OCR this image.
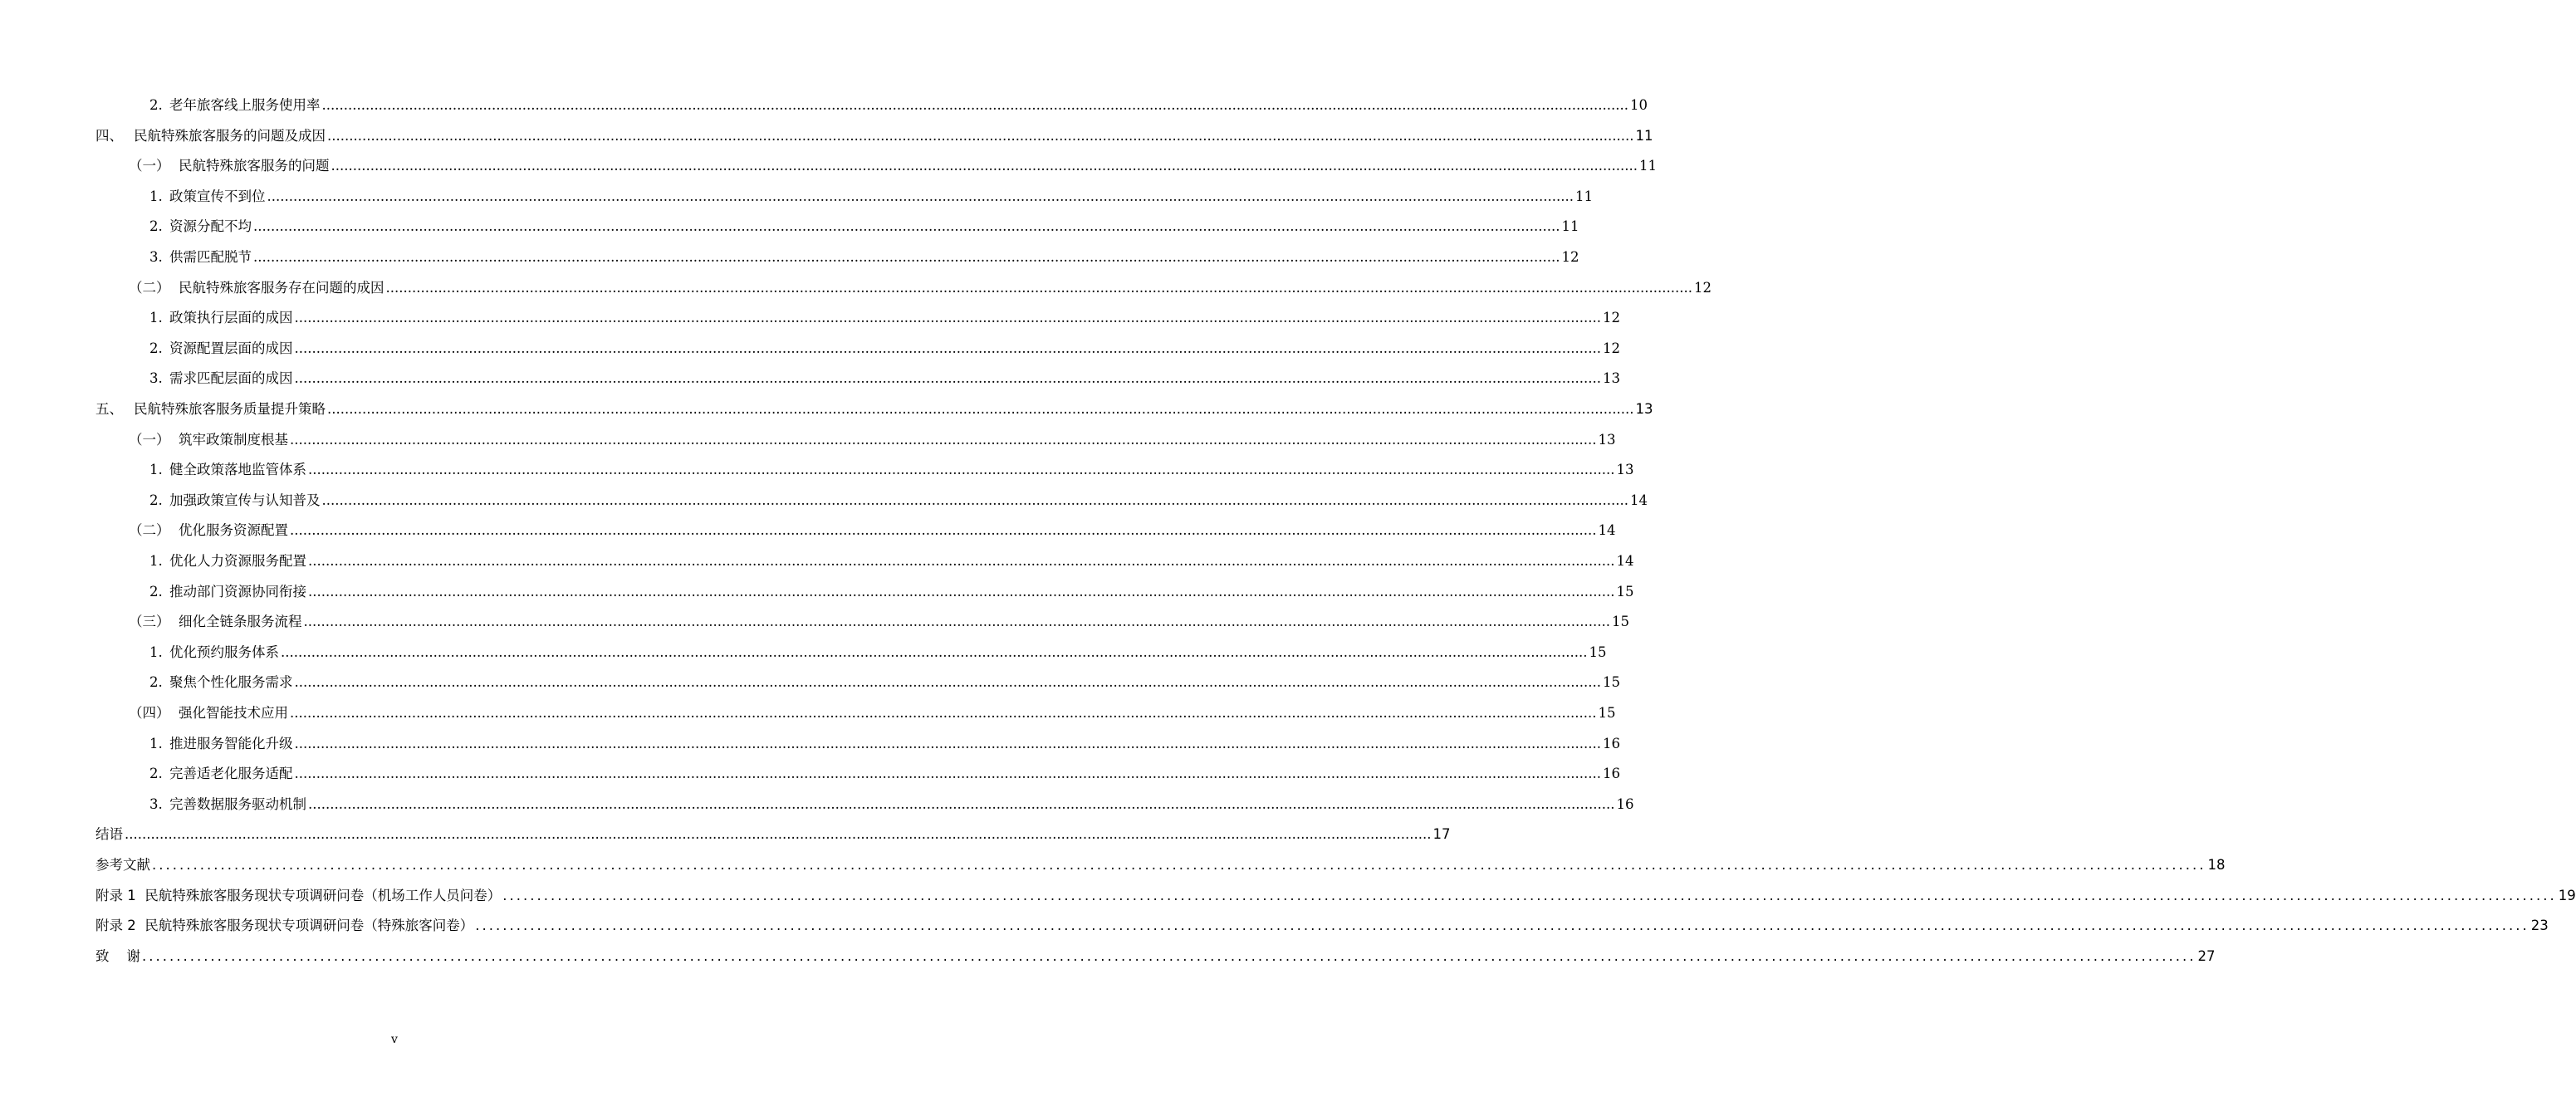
2. 老年旅客线上服务使用率 ............................................................................................................................................................................................................................................................................................................ 10
四、 民航特殊旅客服务的问题及成因 ............................................................................................................................................................................................................................................................................................................ 11
（一） 民航特殊旅客服务的问题 ............................................................................................................................................................................................................................................................................................................ 11
1. 政策宣传不到位 ............................................................................................................................................................................................................................................................................................................ 11
2. 资源分配不均 ............................................................................................................................................................................................................................................................................................................ 11
3. 供需匹配脱节 ............................................................................................................................................................................................................................................................................................................ 12
（二） 民航特殊旅客服务存在问题的成因 ............................................................................................................................................................................................................................................................................................................ 12
1. 政策执行层面的成因 ............................................................................................................................................................................................................................................................................................................ 12
2. 资源配置层面的成因 ............................................................................................................................................................................................................................................................................................................ 12
3. 需求匹配层面的成因 ............................................................................................................................................................................................................................................................................................................ 13
五、 民航特殊旅客服务质量提升策略 ............................................................................................................................................................................................................................................................................................................ 13
（一） 筑牢政策制度根基 ............................................................................................................................................................................................................................................................................................................ 13
1. 健全政策落地监管体系 ............................................................................................................................................................................................................................................................................................................ 13
2. 加强政策宣传与认知普及 ............................................................................................................................................................................................................................................................................................................ 14
（二） 优化服务资源配置 ............................................................................................................................................................................................................................................................................................................ 14
1. 优化人力资源服务配置 ............................................................................................................................................................................................................................................................................................................ 14
2. 推动部门资源协同衔接 ............................................................................................................................................................................................................................................................................................................ 15
（三） 细化全链条服务流程 ............................................................................................................................................................................................................................................................................................................ 15
1. 优化预约服务体系 ............................................................................................................................................................................................................................................................................................................ 15
2. 聚焦个性化服务需求 ............................................................................................................................................................................................................................................................................................................ 15
（四） 强化智能技术应用 ............................................................................................................................................................................................................................................................................................................ 15
1. 推进服务智能化升级 ............................................................................................................................................................................................................................................................................................................ 16
2. 完善适老化服务适配 ............................................................................................................................................................................................................................................................................................................ 16
3. 完善数据服务驱动机制 ............................................................................................................................................................................................................................................................................................................ 16
结语 ............................................................................................................................................................................................................................................................................................................ 17
参考文献 ............................................................................................................................................................................................................................................................................................................ 18
附录 1  民航特殊旅客服务现状专项调研问卷（机场工作人员问卷） ............................................................................................................................................................................................................................................................................................................ 19
附录 2  民航特殊旅客服务现状专项调研问卷（特殊旅客问卷） ............................................................................................................................................................................................................................................................................................................ 23
致    谢 ............................................................................................................................................................................................................................................................................................................ 27
v
